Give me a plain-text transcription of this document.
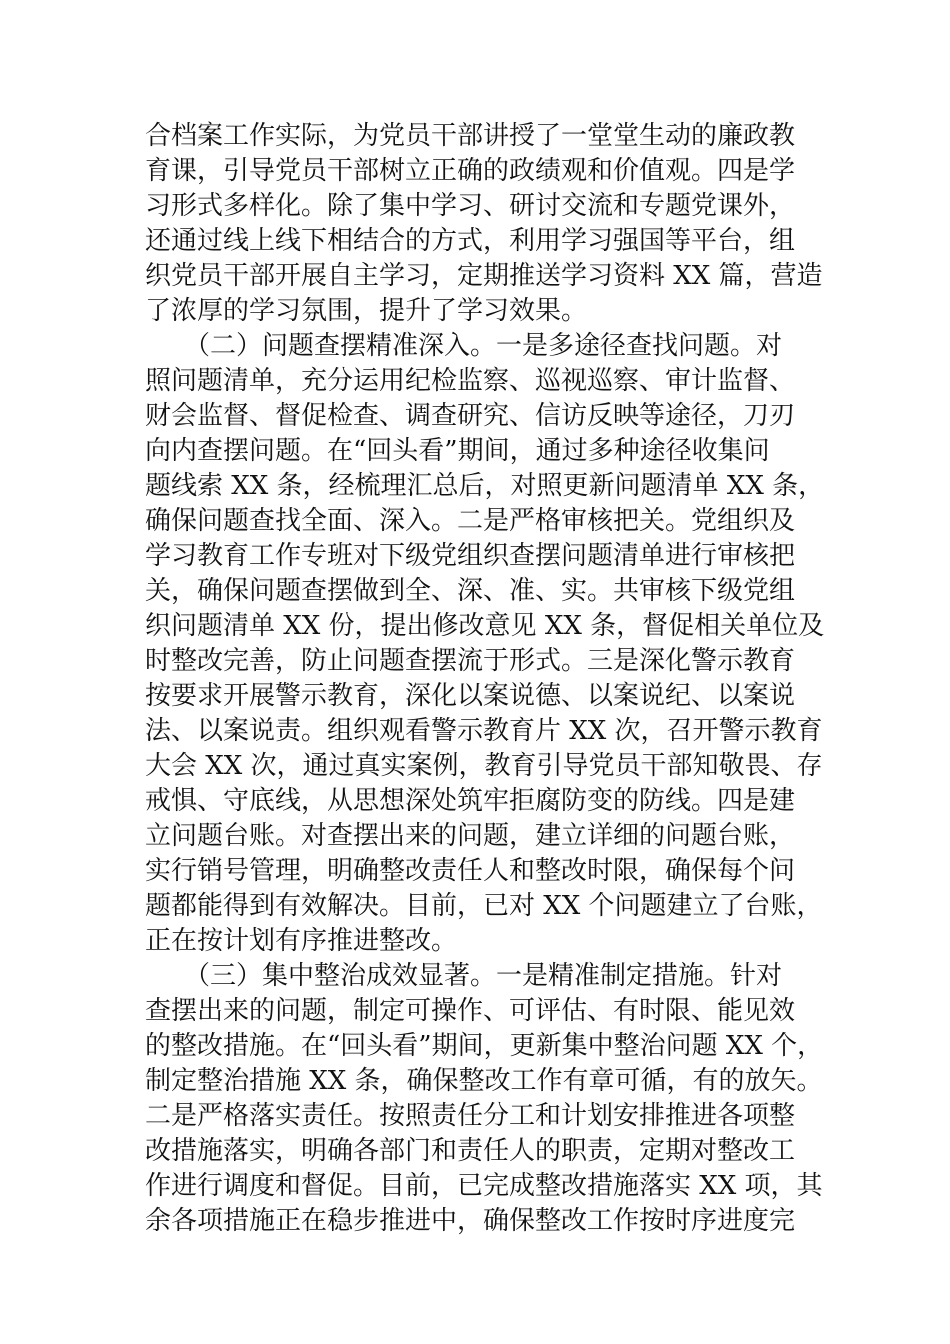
合档案工作实际，为党员干部讲授了一堂堂生动的廉政教
育课，引导党员干部树立正确的政绩观和价值观。四是学
习形式多样化。除了集中学习、研讨交流和专题党课外，
还通过线上线下相结合的方式，利用学习强国等平台，组
织党员干部开展自主学习，定期推送学习资料 XX 篇，营造
了浓厚的学习氛围，提升了学习效果。
　　（二）问题查摆精准深入。一是多途径查找问题。对
照问题清单，充分运用纪检监察、巡视巡察、审计监督、
财会监督、督促检查、调查研究、信访反映等途径，刀刃
向内查摆问题。在“回头看”期间，通过多种途径收集问
题线索 XX 条，经梳理汇总后，对照更新问题清单 XX 条，
确保问题查找全面、深入。二是严格审核把关。党组织及
学习教育工作专班对下级党组织查摆问题清单进行审核把
关，确保问题查摆做到全、深、准、实。共审核下级党组
织问题清单 XX 份，提出修改意见 XX 条，督促相关单位及
时整改完善，防止问题查摆流于形式。三是深化警示教育
按要求开展警示教育，深化以案说德、以案说纪、以案说
法、以案说责。组织观看警示教育片 XX 次，召开警示教育
大会 XX 次，通过真实案例，教育引导党员干部知敬畏、存
戒惧、守底线，从思想深处筑牢拒腐防变的防线。四是建
立问题台账。对查摆出来的问题，建立详细的问题台账，
实行销号管理，明确整改责任人和整改时限，确保每个问
题都能得到有效解决。目前，已对 XX 个问题建立了台账，
正在按计划有序推进整改。
　　（三）集中整治成效显著。一是精准制定措施。针对
查摆出来的问题，制定可操作、可评估、有时限、能见效
的整改措施。在“回头看”期间，更新集中整治问题 XX 个，
制定整治措施 XX 条，确保整改工作有章可循，有的放矢。
二是严格落实责任。按照责任分工和计划安排推进各项整
改措施落实，明确各部门和责任人的职责，定期对整改工
作进行调度和督促。目前，已完成整改措施落实 XX 项，其
余各项措施正在稳步推进中，确保整改工作按时序进度完
